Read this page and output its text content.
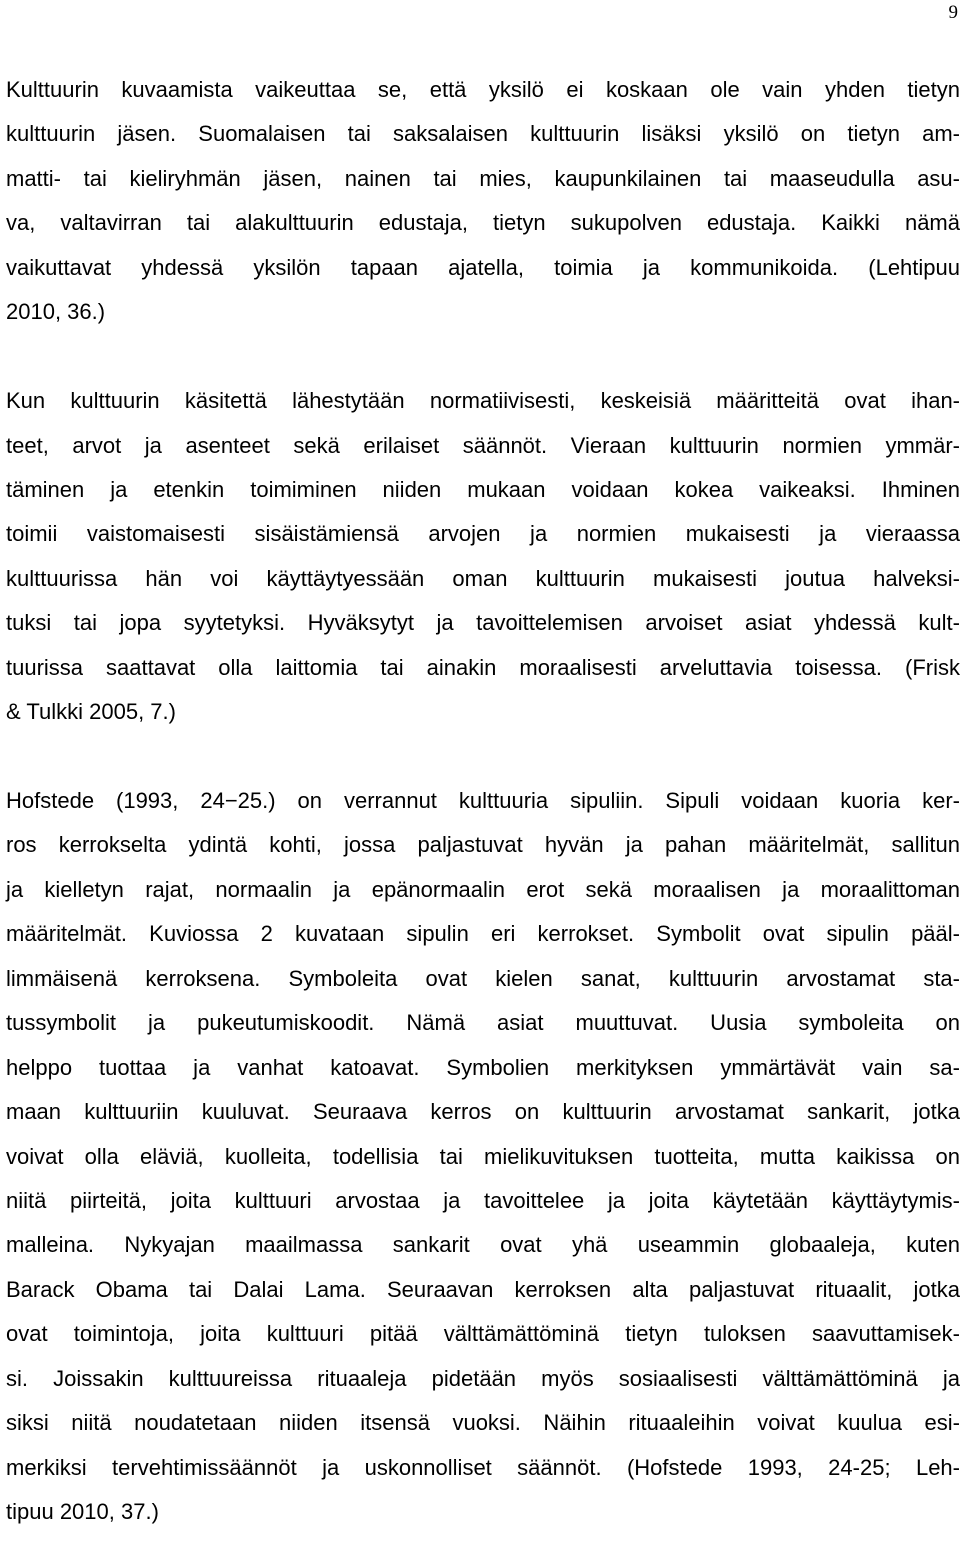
9
Kulttuurin kuvaamista vaikeuttaa se, että yksilö ei koskaan ole vain yhden tietyn
kulttuurin jäsen. Suomalaisen tai saksalaisen kulttuurin lisäksi yksilö on tietyn am-
matti- tai kieliryhmän jäsen, nainen tai mies, kaupunkilainen tai maaseudulla asu-
va, valtavirran tai alakulttuurin edustaja, tietyn sukupolven edustaja. Kaikki nämä
vaikuttavat yhdessä yksilön tapaan ajatella, toimia ja kommunikoida. (Lehtipuu
2010, 36.)
Kun kulttuurin käsitettä lähestytään normatiivisesti, keskeisiä määritteitä ovat ihan-
teet, arvot ja asenteet sekä erilaiset säännöt. Vieraan kulttuurin normien ymmär-
täminen ja etenkin toimiminen niiden mukaan voidaan kokea vaikeaksi. Ihminen
toimii vaistomaisesti sisäistämiensä arvojen ja normien mukaisesti ja vieraassa
kulttuurissa hän voi käyttäytyessään oman kulttuurin mukaisesti joutua halveksi-
tuksi tai jopa syytetyksi. Hyväksytyt ja tavoittelemisen arvoiset asiat yhdessä kult-
tuurissa saattavat olla laittomia tai ainakin moraalisesti arveluttavia toisessa. (Frisk
& Tulkki 2005, 7.)
Hofstede (1993, 24−25.) on verrannut kulttuuria sipuliin. Sipuli voidaan kuoria ker-
ros kerrokselta ydintä kohti, jossa paljastuvat hyvän ja pahan määritelmät, sallitun
ja kielletyn rajat, normaalin ja epänormaalin erot sekä moraalisen ja moraalittoman
määritelmät. Kuviossa 2 kuvataan sipulin eri kerrokset. Symbolit ovat sipulin pääl-
limmäisenä kerroksena. Symboleita ovat kielen sanat, kulttuurin arvostamat sta-
tussymbolit ja pukeutumiskoodit. Nämä asiat muuttuvat. Uusia symboleita on
helppo tuottaa ja vanhat katoavat. Symbolien merkityksen ymmärtävät vain sa-
maan kulttuuriin kuuluvat. Seuraava kerros on kulttuurin arvostamat sankarit, jotka
voivat olla eläviä, kuolleita, todellisia tai mielikuvituksen tuotteita, mutta kaikissa on
niitä piirteitä, joita kulttuuri arvostaa ja tavoittelee ja joita käytetään käyttäytymis-
malleina. Nykyajan maailmassa sankarit ovat yhä useammin globaaleja, kuten
Barack Obama tai Dalai Lama. Seuraavan kerroksen alta paljastuvat rituaalit, jotka
ovat toimintoja, joita kulttuuri pitää välttämättöminä tietyn tuloksen saavuttamisek-
si. Joissakin kulttuureissa rituaaleja pidetään myös sosiaalisesti välttämättöminä ja
siksi niitä noudatetaan niiden itsensä vuoksi. Näihin rituaaleihin voivat kuulua esi-
merkiksi tervehtimissäännöt ja uskonnolliset säännöt. (Hofstede 1993, 24-25; Leh-
tipuu 2010, 37.)
